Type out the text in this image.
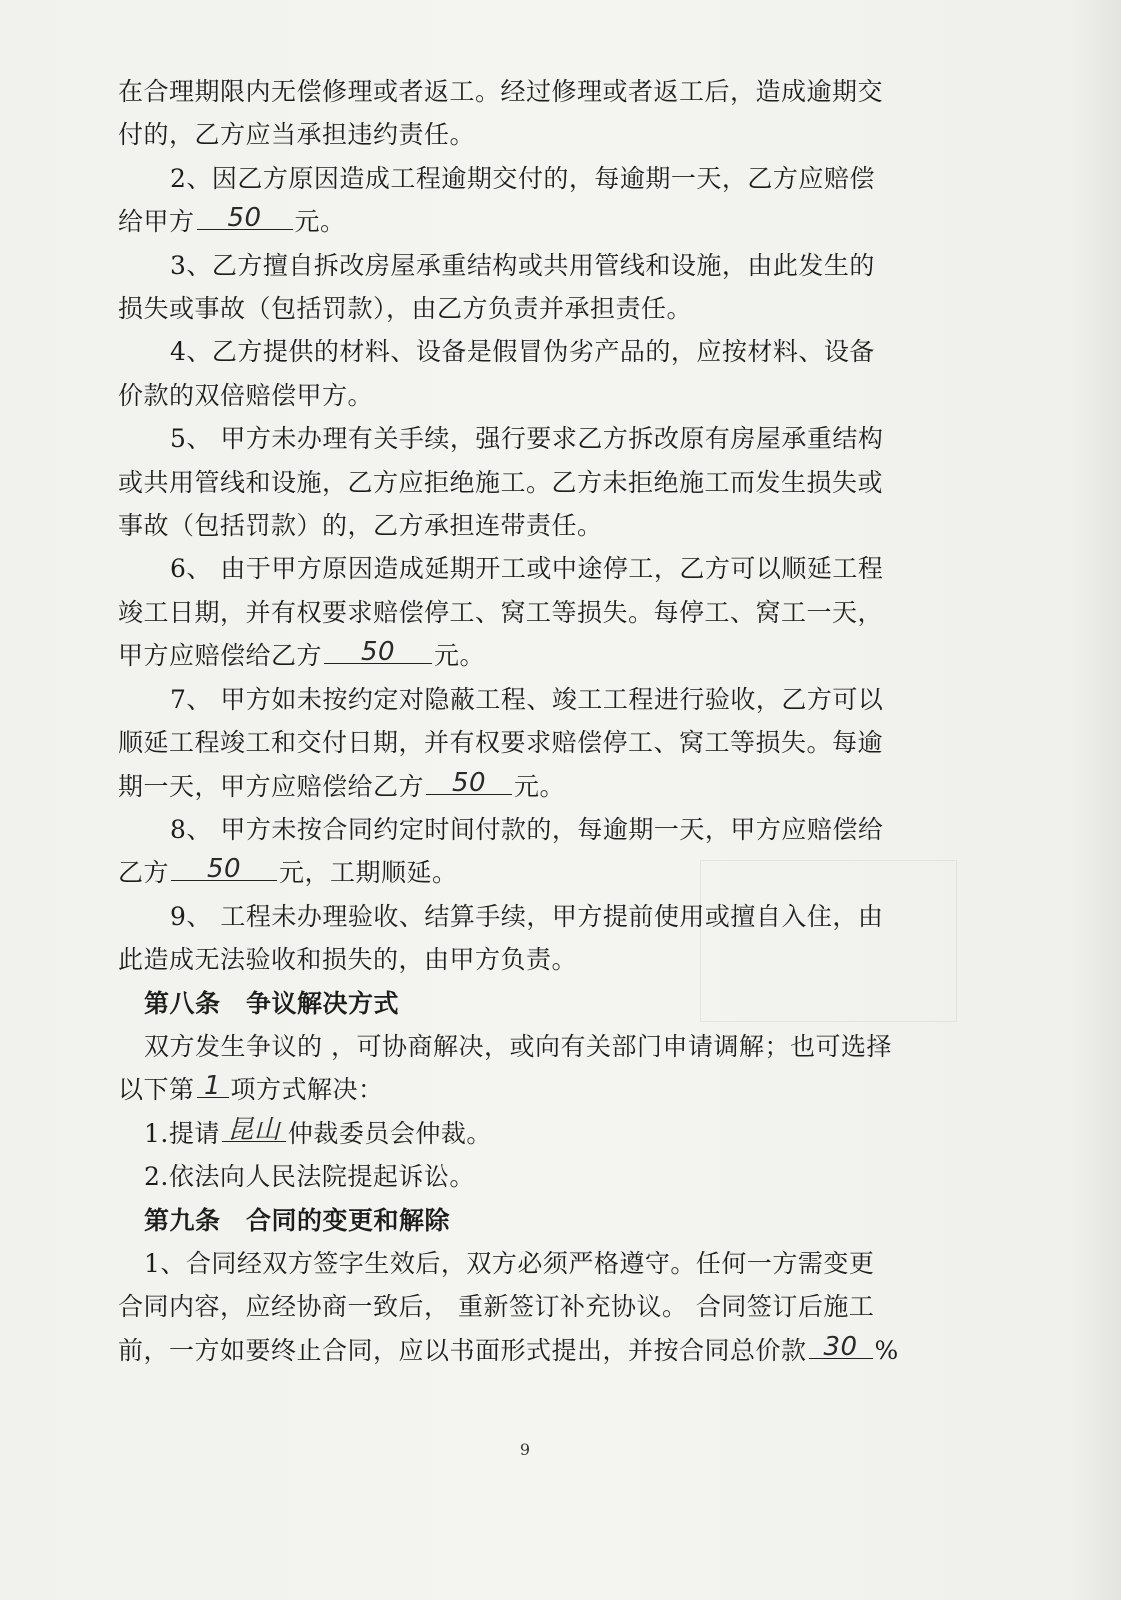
在合理期限内无偿修理或者返工。经过修理或者返工后，造成逾期交
付的，乙方应当承担违约责任。
2、因乙方原因造成工程逾期交付的，每逾期一天，乙方应赔偿
给甲方	50	元。
3、乙方擅自拆改房屋承重结构或共用管线和设施，由此发生的
损失或事故（包括罚款），由乙方负责并承担责任。
4、乙方提供的材料、设备是假冒伪劣产品的，应按材料、设备
价款的双倍赔偿甲方。
5、 甲方未办理有关手续，强行要求乙方拆改原有房屋承重结构
或共用管线和设施，乙方应拒绝施工。乙方未拒绝施工而发生损失或
事故（包括罚款）的，乙方承担连带责任。
6、 由于甲方原因造成延期开工或中途停工，乙方可以顺延工程
竣工日期，并有权要求赔偿停工、窝工等损失。每停工、窝工一天，
甲方应赔偿给乙方	50	元。
7、 甲方如未按约定对隐蔽工程、竣工工程进行验收，乙方可以
顺延工程竣工和交付日期，并有权要求赔偿停工、窝工等损失。每逾
期一天，甲方应赔偿给乙方	50	元。
8、 甲方未按合同约定时间付款的，每逾期一天，甲方应赔偿给
乙方	50	元，工期顺延。
9、 工程未办理验收、结算手续，甲方提前使用或擅自入住，由
此造成无法验收和损失的，由甲方负责。
第八条　争议解决方式
双方发生争议的 ，可协商解决，或向有关部门申请调解；也可选择
以下第 1 项方式解决：
1.提请 昆山 仲裁委员会仲裁。
2.依法向人民法院提起诉讼。
第九条　合同的变更和解除
1、合同经双方签字生效后，双方必须严格遵守。任何一方需变更
合同内容，应经协商一致后， 重新签订补充协议。 合同签订后施工
前，一方如要终止合同，应以书面形式提出，并按合同总价款 30 %
9
